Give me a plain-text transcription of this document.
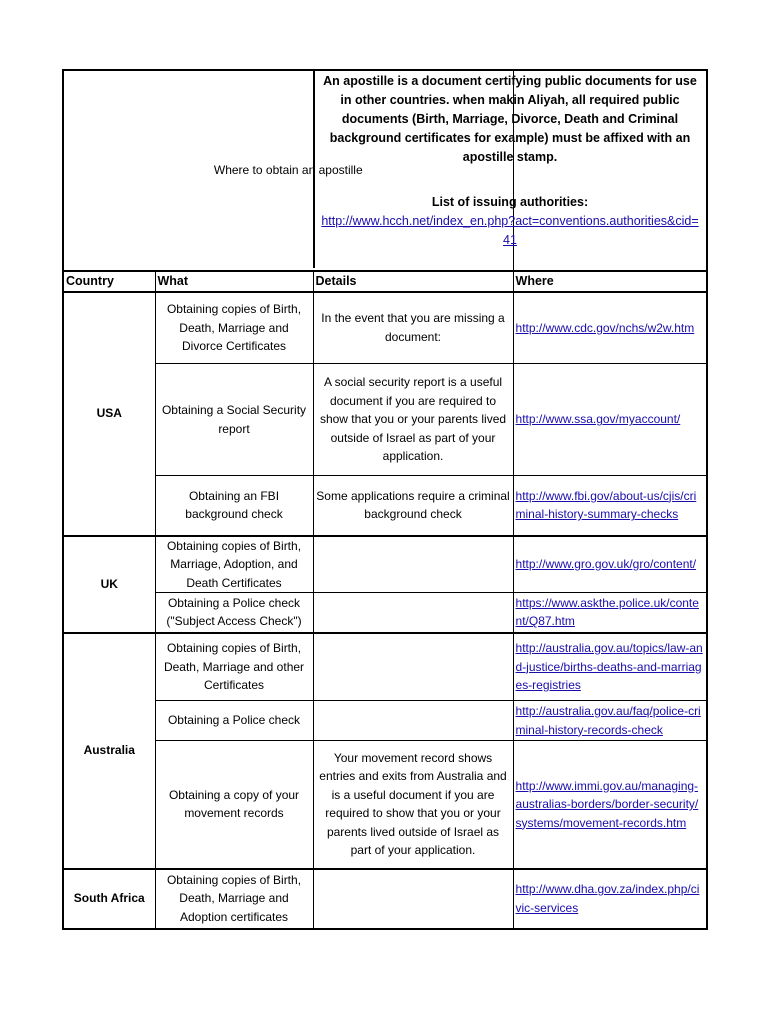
Where to obtain an apostille		
Country	What	Details	Where
USA	Obtaining copies of Birth, Death, Marriage and Divorce Certificates	In the event that you are missing a document:	http://www.cdc.gov/nchs/w2w.htm
	Obtaining a Social Security report	A social security report is a useful document if you are required to show that you or your parents lived outside of Israel as part of your application.	http://www.ssa.gov/myaccount/
	Obtaining an FBI background check	Some applications require a criminal background check	http://www.fbi.gov/about-us/cjis/criminal-history-summary-checks
UK	Obtaining copies of Birth, Marriage, Adoption, and Death Certificates		http://www.gro.gov.uk/gro/content/
	Obtaining a Police check ("Subject Access Check")		https://www.askthe.police.uk/content/Q87.htm
Australia	Obtaining copies of Birth, Death, Marriage and other Certificates		http://australia.gov.au/topics/law-and-justice/births-deaths-and-marriages-registries
	Obtaining a Police check		http://australia.gov.au/faq/police-criminal-history-records-check
	Obtaining a copy of your movement records	Your movement record shows entries and exits from Australia and is a useful document if you are required to show that you or your parents lived outside of Israel as part of your application.	http://www.immi.gov.au/managing-australias-borders/border-security/systems/movement-records.htm
South Africa	Obtaining copies of Birth, Death, Marriage and Adoption certificates		http://www.dha.gov.za/index.php/civic-services
An apostille is a document certifying public documents for use in other countries. when makin Aliyah, all required public documents (Birth, Marriage, Divorce, Death and Criminal background certificates for example) must be affixed with an apostille stamp.
List of issuing authorities:
http://www.hcch.net/index_en.php?act=conventions.authorities&cid=41
